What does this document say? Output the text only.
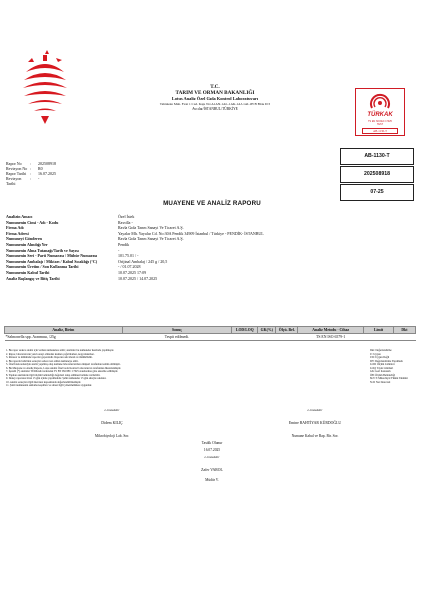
T.C.
TARIM VE ORMAN BAKANLIĞI
Lotus Analiz Özel Gıda Kontrol Laboratuvarı
Tahtakale Mah. Fırat 1 Cad. Kapı No:A1AN-1AL-1AK-1AJ-1AI-1H B Blok D:3
Avcılar/İSTANBUL/TÜRKİYE
TÜRKAK
TS EN ISO/IEC 17025
TEST
AB-1130-T
AB-1130-T
202508918
07-25
Rapor No	:	202508918
Revizyon No :	R0
Rapor Tarihi :	16.07.2025
Revizyon Tarihi
:	-
MUAYENE VE ANALİZ RAPORU
Analizin Amacı	Özel İstek
Numunenin Cinsi - Adı - Kodu	Ravolla -
Firma Adı	Ravla Gıda Tarım Sanayi Ve Ticaret A.Ş.
Firma Adresi	Yayalar Mh. Yayalar Cd. No:30A Pendik 34909 İstanbul / Türkiye - PENDİK- İSTANBUL
Numuneyi Gönderen	Ravla Gıda Tarım Sanayi Ve Ticaret A.Ş.
Numunenin Alındığı Yer	Pendik
Numunenin Alma Tutanağı/Tarih ve Sayısı	-
Numunenin Seri - Parti Numarası / Mühür Numarası	101.75.01 / -
Numunenin Ambalajı / Miktarı / Kabul Sıcaklığı (°C)	Orijinal Ambalaj / 245 g / 20,5
Numunenin Üretim / Son Kullanma Tarihi	- / 01.07.2028
Numunenin Kabul Tarihi	10.07.2025 17:09
Analiz Başlangıç ve Bitiş Tarihi	10.07.2025 / 14.07.2025
Analiz, Birim	Sonuç	LOD/LOQ	GK(%)	Ölçü. Bel.	Analiz Metodu - Cihaz	Limit	Dkt
*Salmonella spp. Aranması, /25g	Tespit edilmedi.				TS EN ISO 6579-1		
1. Bu rapor sadece analiz için verilen numunelere aittir; analizler bu numuneler üzerinde yapılmıştır.
2. Rapor, laboratuvarın yazılı onayı olmadan kısmen çoğaltılamaz, kopyalanamaz.
3. İmzasız ve mühürsüz raporlar geçersizdir. Raporun aslı imzalı ve mühürlüdür.
4. Bu raporda belirtilen sonuçlar sadece test edilen numuneye aittir.
5. Özel İstek nedeniyle analiz yapılmış olup numune laboratuvarımıza müşteri tarafından teslim edilmiştir.
6. Bu Muayene ve Analiz Raporu, Lotus Analiz Özel Gıda Kontrol Laboratuvarı tarafından düzenlenmiştir.
7. İşaretli (*) analizler TÜRKAK tarafından TS EN ISO/IEC 17025 standardına göre akredite edilmiştir.
8. Yapılan analizlerle ilgili ölçüm belirsizliği değerleri talep edilmesi halinde verilebilir.
9. Deney raporuna itiraz 15 gün içinde yapılmalıdır. Şahit numuneler 15 gün süreyle saklanır.
10. Analiz sonuçları ilgili mevzuat kapsamında değerlendirilmemiştir.
11. Şahit numunenin saklama koşulları ve süresi ilgili yönetmeliklere uygundur.
Dkt: Değerlendirme
U: Uygun
UD: Uygun Değil
DY: Değerlendirme Yapılmadı
LOD: Ölçüm Limitleri
LOQ: Tayin Limitleri
GK: Geri Kazanım
ÖB: Ölçüm Belirsizliği
M.V.T: Mikrobiyal Yükün Tahmini
N.D: Not Detected
e-imzalıdır
Didem KILIÇ
Mikrobiyoloji Lab. Sor.
e-imzalıdır
Emine BAHTİYAR KÜRDOĞLU
Numune Kabul ve Rap. Bir. Sor.
Tasdik Olunur
16.07.2025
e-imzalıdır
Zafer VAROL
Müdür V.
